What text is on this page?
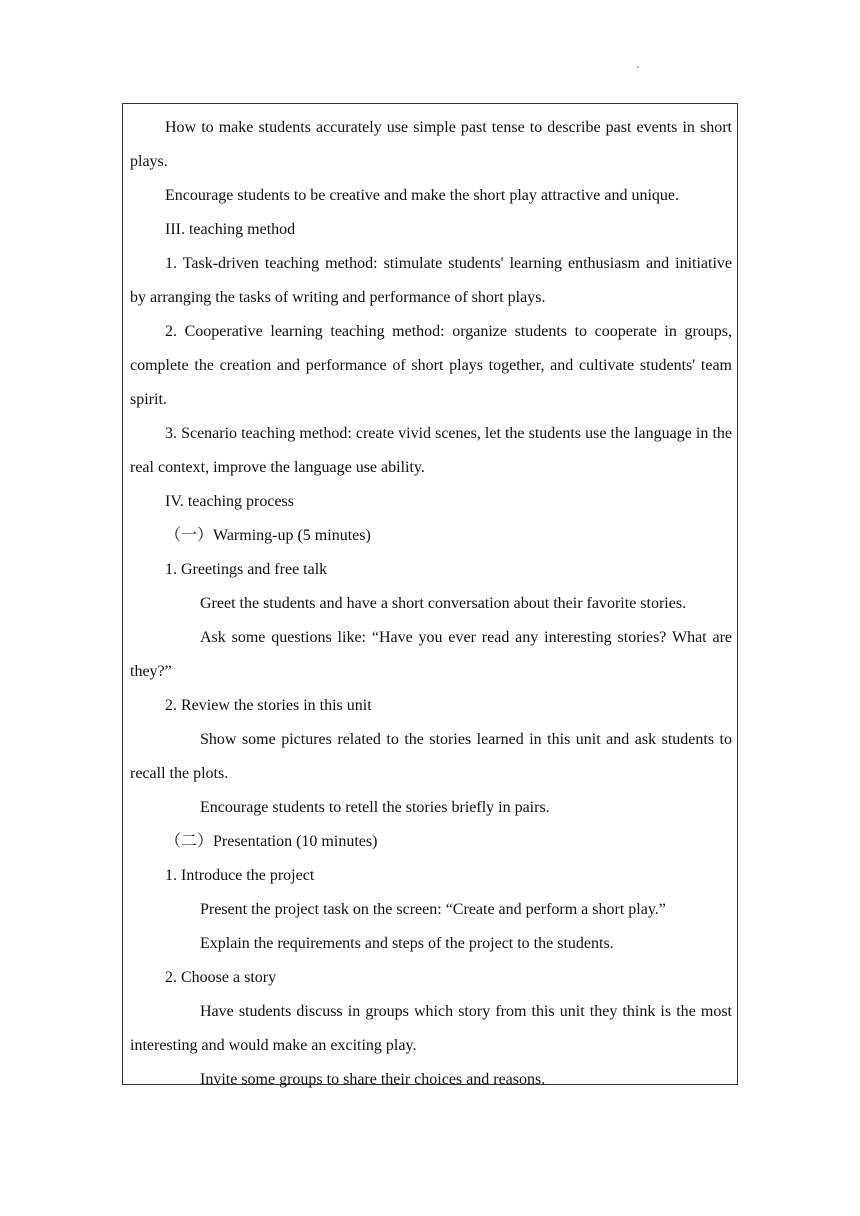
·

How to make students accurately use simple past tense to describe past events in short plays.

Encourage students to be creative and make the short play attractive and unique.

III. teaching method

1. Task-driven teaching method: stimulate students' learning enthusiasm and initiative by arranging the tasks of writing and performance of short plays.

2. Cooperative learning teaching method: organize students to cooperate in groups, complete the creation and performance of short plays together, and cultivate students' team spirit.

3. Scenario teaching method: create vivid scenes, let the students use the language in the real context, improve the language use ability.

IV. teaching process

（一）Warming-up (5 minutes)

1. Greetings and free talk

Greet the students and have a short conversation about their favorite stories.

Ask some questions like: “Have you ever read any interesting stories? What are they?”

2. Review the stories in this unit

Show some pictures related to the stories learned in this unit and ask students to recall the plots.

Encourage students to retell the stories briefly in pairs.

（二）Presentation (10 minutes)

1. Introduce the project

Present the project task on the screen: “Create and perform a short play.”

Explain the requirements and steps of the project to the students.

2. Choose a story

Have students discuss in groups which story from this unit they think is the most interesting and would make an exciting play.

Invite some groups to share their choices and reasons.
